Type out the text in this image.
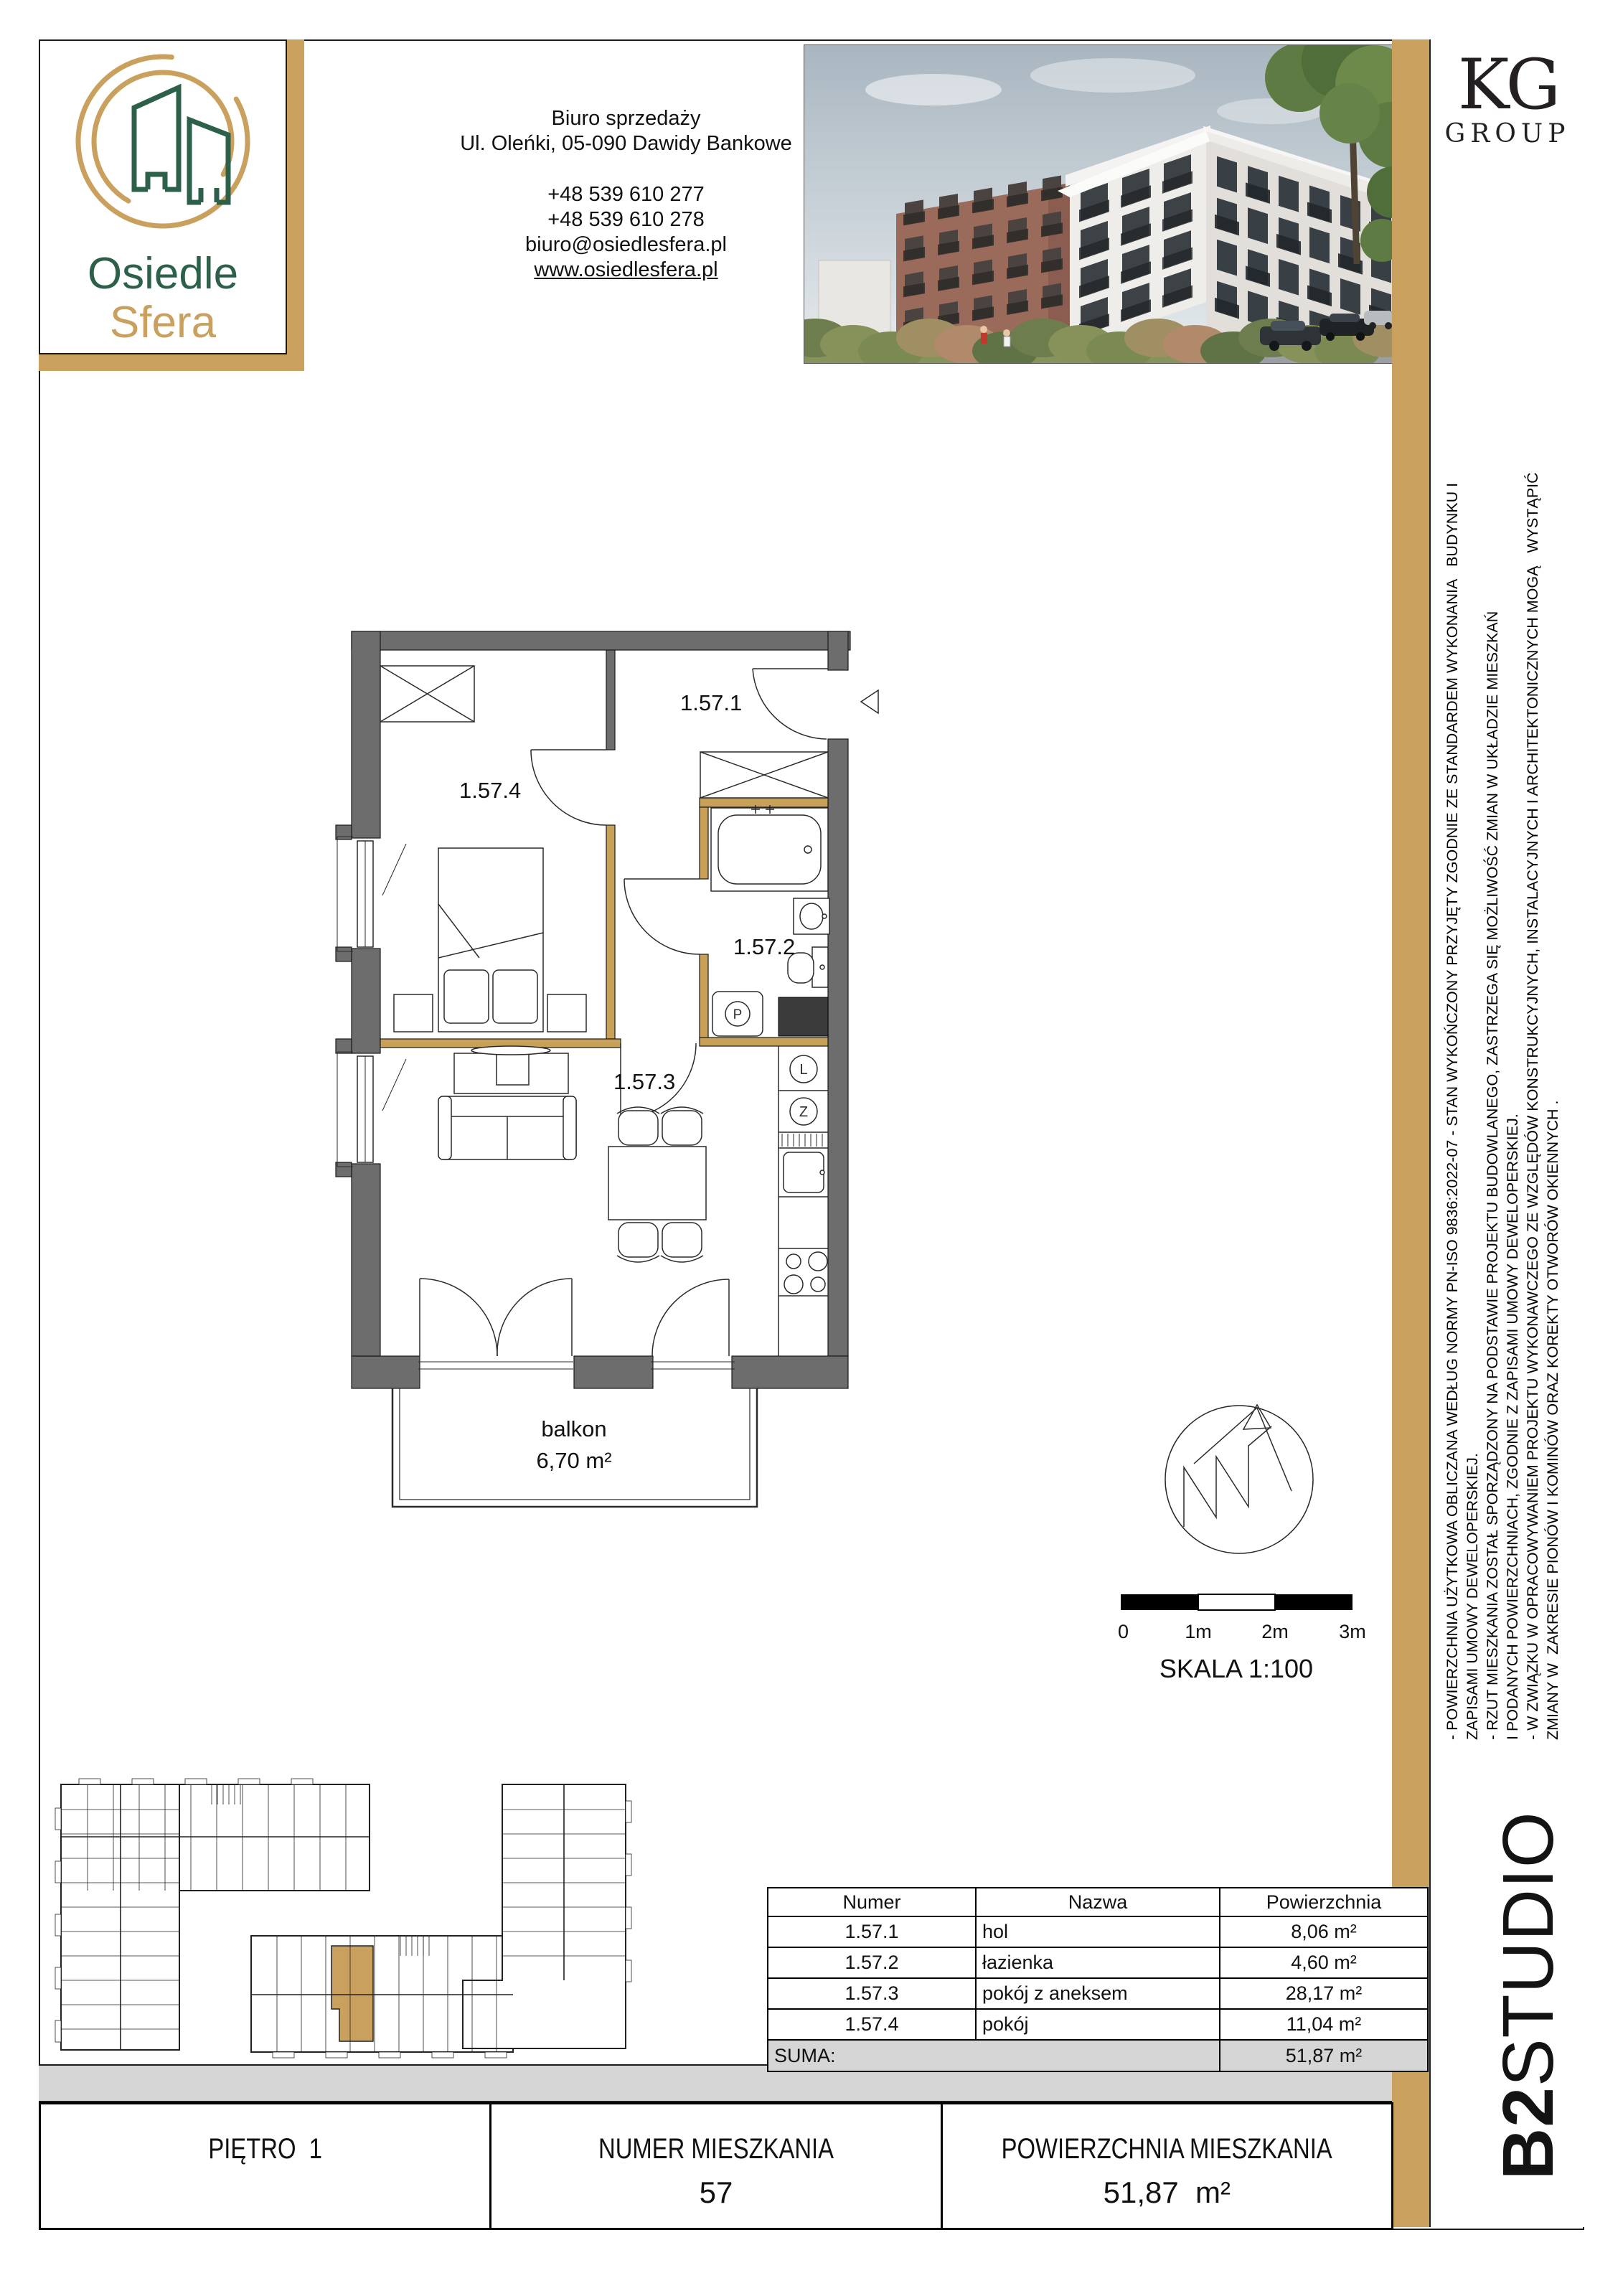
Osiedle
Sfera
Biuro sprzedaży
Ul. Oleńki, 05-090 Dawidy Bankowe
+48 539 610 277
+48 539 610 278
biuro@osiedlesfera.pl
www.osiedlesfera.pl
KG
GROUP
- POWIERZCHNIA UŻYTKOWA OBLICZANA WEDŁUG NORMY PN-ISO 9836:2022-07 - STAN WYKOŃCZONY PRZYJĘTY ZGODNIE ZE STANDARDEM WYKONANIA   BUDYNKU I ZAPISAMI UMOWY DEWELOPERSKIEJ. - RZUT MIESZKANIA ZOSTAŁ SPORZĄDZONY NA PODSTAWIE PROJEKTU BUDOWLANEGO, ZASTRZEGA SIĘ MOŻLIWOŚĆ ZMIAN W UKŁADZIE MIESZKAŃ I PODANYCH POWIERZCHNIACH, ZGODNIE Z ZAPISAMI UMOWY DEWELOPERSKIEJ. - W ZWIĄZKU W OPRACOWYWANIEM PROJEKTU WYKONAWCZEGO ZE WZGLĘDÓW KONSTRUKCYJNYCH, INSTALACYJNYCH I ARCHITEKTONICZNYCH MOGĄ   WYSTĄPIĆ ZMIANY W  ZAKRESIE PIONÓW I KOMINÓW ORAZ KOREKTY OTWORÓW OKIENNYCH .
B2STUDIO
P
L
Z
1.57.1
1.57.2
1.57.3
1.57.4
balkon
6,70 m²
0	1m	2m	3m
SKALA 1:100
Numer	Nazwa	Powierzchnia
1.57.1	hol	8,06 m²
1.57.2	łazienka	4,60 m²
1.57.3	pokój z aneksem	28,17 m²
1.57.4	pokój	11,04 m²
SUMA:		51,87 m²
PIĘTRO  1	NUMER MIESZKANIA
57
POWIERZCHNIA MIESZKANIA
51,87  m²
